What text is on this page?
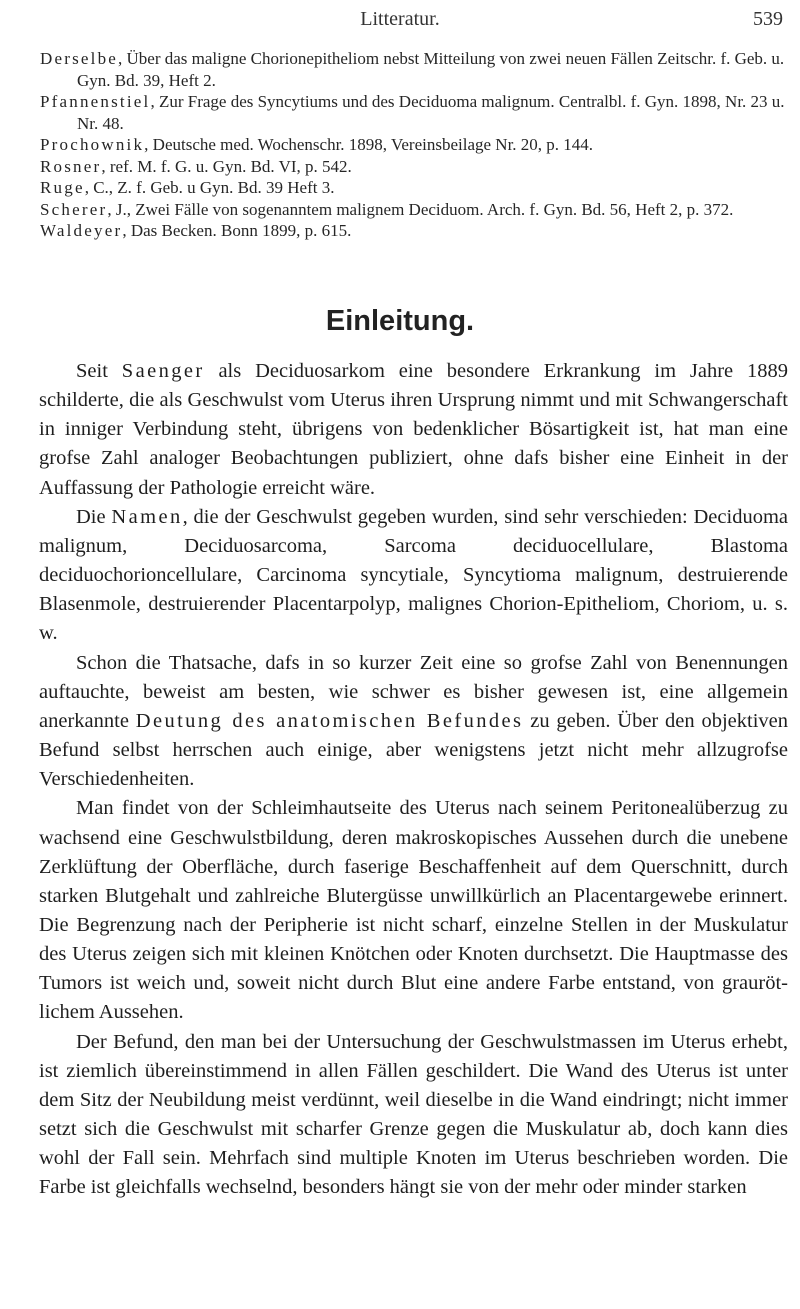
Litteratur.	539

Derselbe, Über das maligne Chorionepitheliom nebst Mitteilung von zwei neuen Fällen Zeitschr. f. Geb. u. Gyn. Bd. 39, Heft 2.

Pfannenstiel, Zur Frage des Syncytiums und des Deciduoma malignum. Centralbl. f. Gyn. 1898, Nr. 23 u. Nr. 48.

Prochownik, Deutsche med. Wochenschr. 1898, Vereinsbeilage Nr. 20, p. 144.

Rosner, ref. M. f. G. u. Gyn. Bd. VI, p. 542.

Ruge, C., Z. f. Geb. u Gyn. Bd. 39 Heft 3.

Scherer, J., Zwei Fälle von sogenanntem malignem Deciduom. Arch. f. Gyn. Bd. 56, Heft 2, p. 372.

Waldeyer, Das Becken. Bonn 1899, p. 615.

Einleitung.

Seit Saenger als Deciduosarkom eine besondere Erkrankung im Jahre 1889 schilderte, die als Geschwulst vom Uterus ihren Ursprung nimmt und mit Schwangerschaft in inniger Verbindung steht, übrigens von bedenklicher Bösartigkeit ist, hat man eine grofse Zahl analoger Beobachtungen publiziert, ohne dafs bisher eine Einheit in der Auffassung der Pathologie erreicht wäre.

Die Namen, die der Geschwulst gegeben wurden, sind sehr verschieden: Deciduoma malignum, Deciduosarcoma, Sarcoma deciduocellulare, Blastoma deciduochorioncellulare, Carcinoma syncytiale, Syncytioma malignum, destruierende Blasenmole, destruierender Placentarpolyp, malignes Chorion-Epitheliom, Choriom, u. s. w.

Schon die Thatsache, dafs in so kurzer Zeit eine so grofse Zahl von Benennungen auftauchte, beweist am besten, wie schwer es bisher gewesen ist, eine allgemein anerkannte Deutung des anatomischen Befundes zu geben. Über den objektiven Befund selbst herrschen auch einige, aber wenigstens jetzt nicht mehr allzugrofse Verschiedenheiten.

Man findet von der Schleimhautseite des Uterus nach seinem Peritonealüberzug zu wachsend eine Geschwulstbildung, deren makroskopisches Aussehen durch die unebene Zerklüftung der Oberfläche, durch faserige Beschaffenheit auf dem Querschnitt, durch starken Blutgehalt und zahlreiche Blutergüsse unwillkürlich an Placentargewebe erinnert. Die Begrenzung nach der Peripherie ist nicht scharf, einzelne Stellen in der Muskulatur des Uterus zeigen sich mit kleinen Knötchen oder Knoten durchsetzt. Die Hauptmasse des Tumors ist weich und, soweit nicht durch Blut eine andere Farbe entstand, von graurötlichem Aussehen.

Der Befund, den man bei der Untersuchung der Geschwulstmassen im Uterus erhebt, ist ziemlich übereinstimmend in allen Fällen geschildert. Die Wand des Uterus ist unter dem Sitz der Neubildung meist verdünnt, weil dieselbe in die Wand eindringt; nicht immer setzt sich die Geschwulst mit scharfer Grenze gegen die Muskulatur ab, doch kann dies wohl der Fall sein. Mehrfach sind multiple Knoten im Uterus beschrieben worden. Die Farbe ist gleichfalls wechselnd, besonders hängt sie von der mehr oder minder starken
